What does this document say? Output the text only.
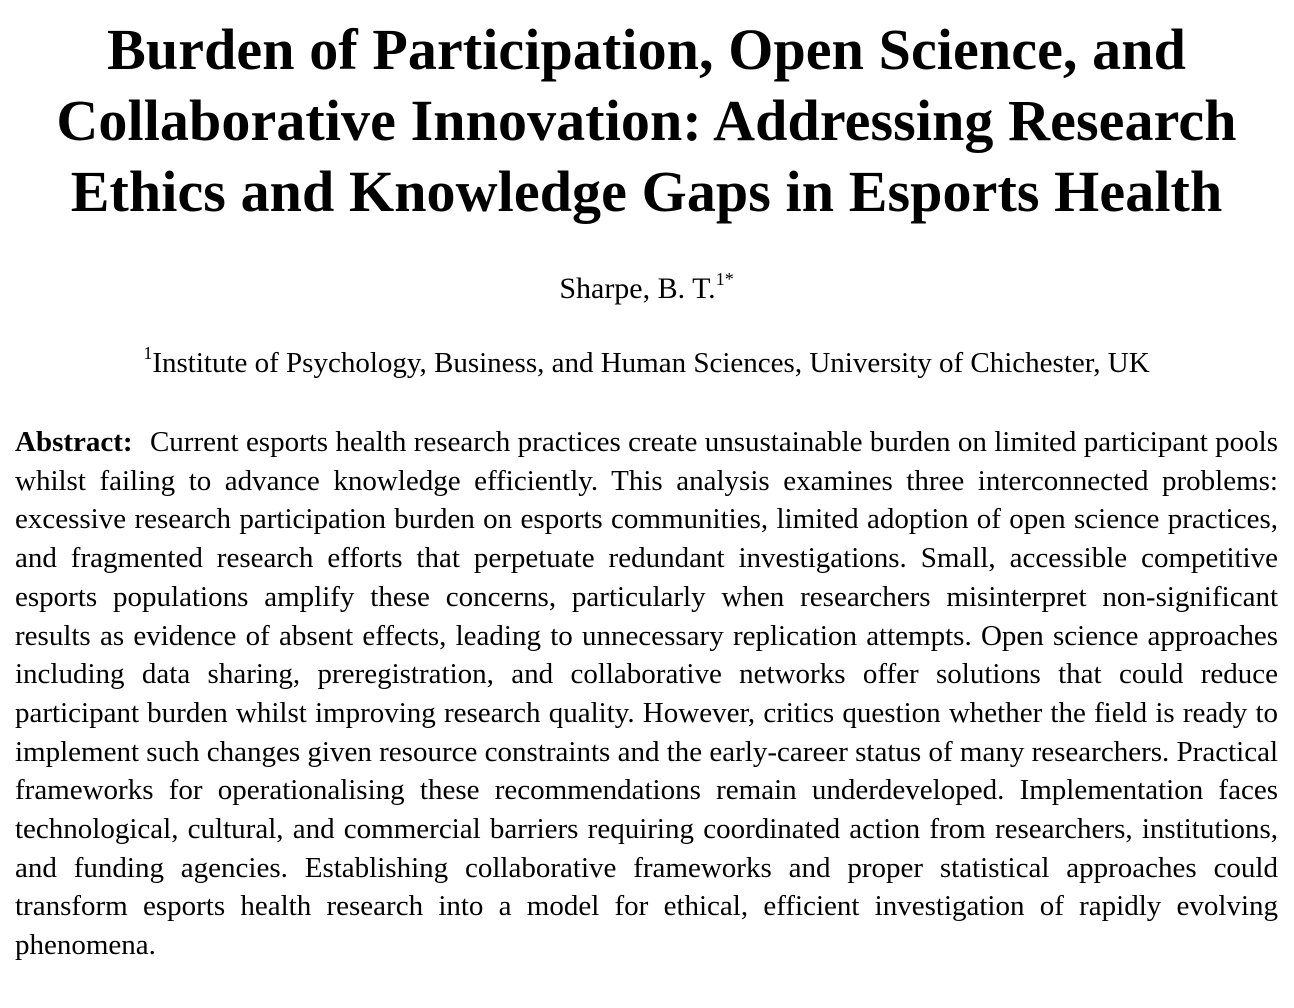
Burden of Participation, Open Science, and Collaborative Innovation: Addressing Research Ethics and Knowledge Gaps in Esports Health
Sharpe, B. T.$^{1*}$
$^1$Institute of Psychology, Business, and Human Sciences, University of Chichester, UK
Abstract: Current esports health research practices create unsustainable burden on limited participant pools whilst failing to advance knowledge efficiently. This analysis examines three interconnected problems: excessive research participation burden on esports communities, limited adoption of open science practices, and fragmented research efforts that perpetuate redundant investigations. Small, accessible competitive esports populations amplify these concerns, particularly when researchers misinterpret non-significant results as evidence of absent effects, leading to unnecessary replication attempts. Open science approaches including data sharing, preregistration, and collaborative networks offer solutions that could reduce participant burden whilst improving research quality. However, critics question whether the field is ready to implement such changes given resource constraints and the early-career status of many researchers. Practical frameworks for operationalising these recommendations remain underdeveloped. Implementation faces technological, cultural, and commercial barriers requiring coordinated action from researchers, institutions, and funding agencies. Establishing collaborative frameworks and proper statistical approaches could transform esports health research into a model for ethical, efficient investigation of rapidly evolving phenomena.
